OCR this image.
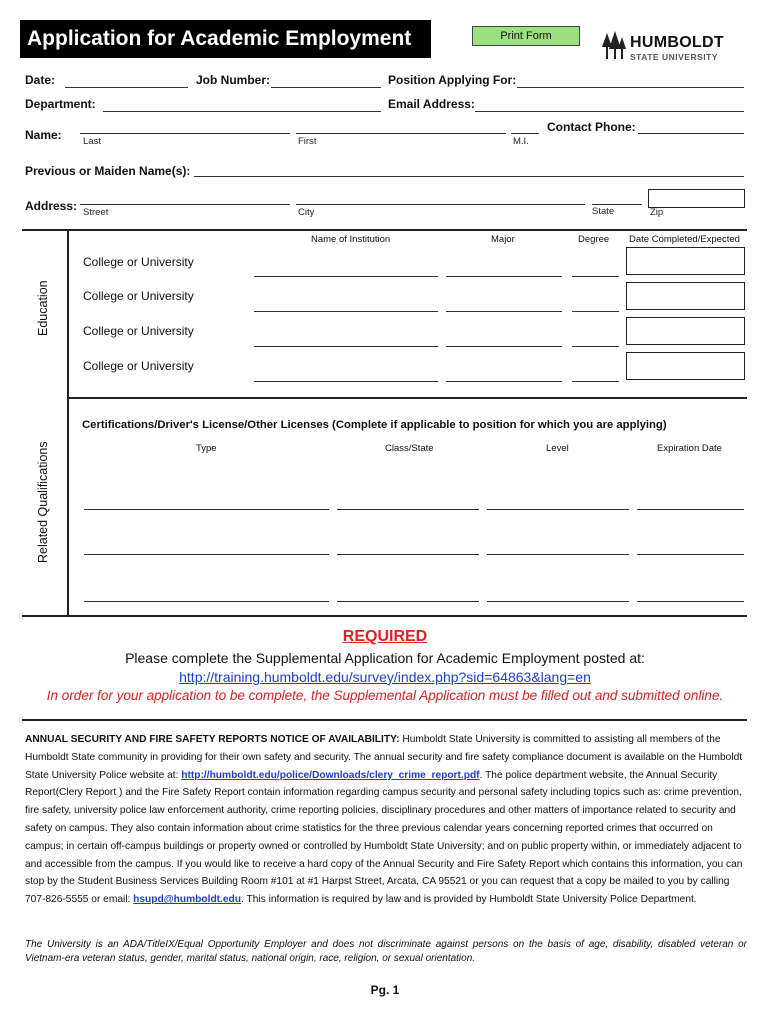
Application for Academic Employment	Print Form	HUMBOLDT
STATE UNIVERSITY
Date:	Job Number:	Position Applying For:
Department:	Email Address:
Contact Phone:
Name: Last	First	M.I.
Previous or Maiden Name(s):
Address: Street	City	State	Zip
Education
Name of Institution	Major	Degree Date Completed/Expected
College or University
College or University
College or University
College or University
Related Qualifications
Certifications/Driver's License/Other Licenses (Complete if applicable to position for which you are applying)
Type	Class/State	Level	Expiration Date
REQUIRED
Please complete the Supplemental Application for Academic Employment posted at:
http://training.humboldt.edu/survey/index.php?sid=64863&lang=en
In order for your application to be complete, the Supplemental Application must be filled out and submitted online.
ANNUAL SECURITY AND FIRE SAFETY REPORTS NOTICE OF AVAILABILITY: Humboldt State University is committed to assisting all members of the Humboldt State community in providing for their own safety and security. The annual security and fire safety compliance document is available on the Humboldt State University Police website at: http://humboldt.edu/police/Downloads/clery_crime_report.pdf. The police department website, the Annual Security Report(Clery Report ) and the Fire Safety Report contain information regarding campus security and personal safety including topics such as: crime prevention, fire safety, university police law enforcement authority, crime reporting policies, disciplinary procedures and other matters of importance related to security and safety on campus. They also contain information about crime statistics for the three previous calendar years concerning reported crimes that occurred on campus; in certain off-campus buildings or property owned or controlled by Humboldt State University; and on public property within, or immediately adjacent to and accessible from the campus. If you would like to receive a hard copy of the Annual Security and Fire Safety Report which contains this information, you can stop by the Student Business Services Building Room #101 at #1 Harpst Street, Arcata, CA 95521 or you can request that a copy be mailed to you by calling 707-826-5555 or email: hsupd@humboldt.edu. This information is required by law and is provided by Humboldt State University Police Department.
The University is an ADA/TitleIX/Equal Opportunity Employer and does not discriminate against persons on the basis of age, disability, disabled veteran or Vietnam-era veteran status, gender, marital status, national origin, race, religion, or sexual orientation.
Pg. 1
